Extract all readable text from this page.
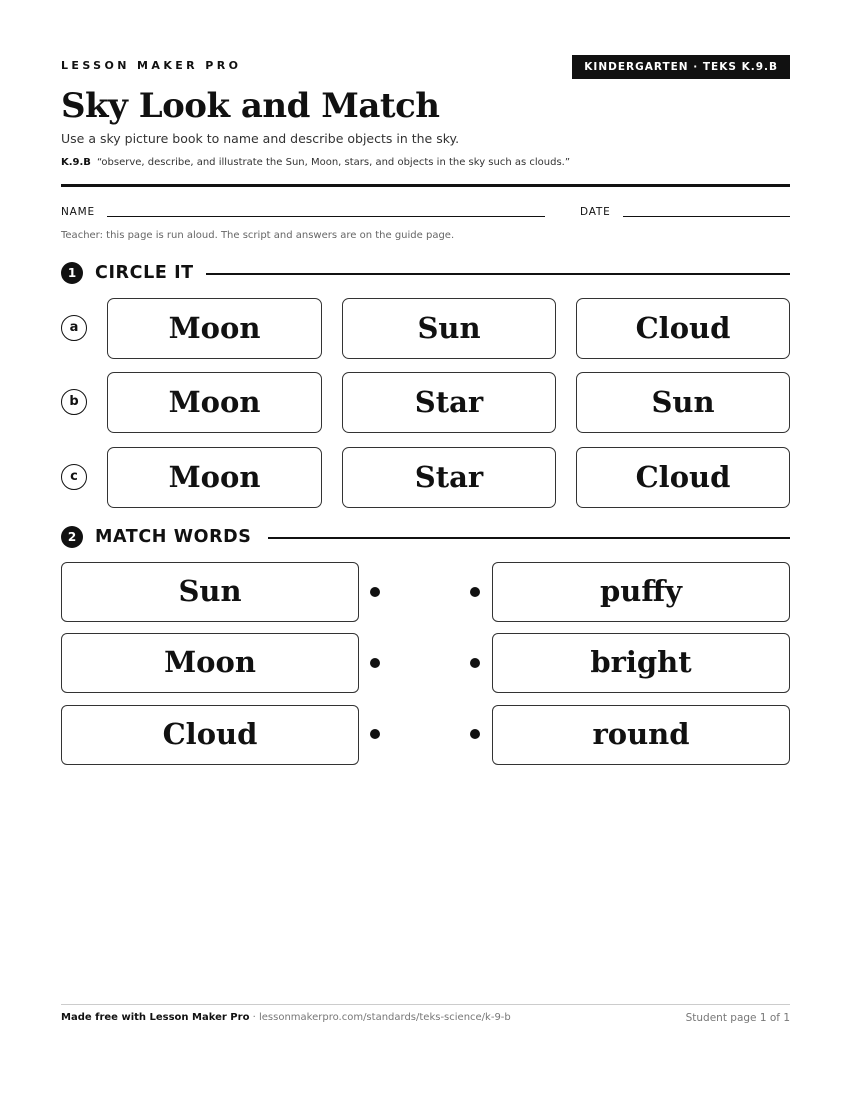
LESSON MAKER PRO	KINDERGARTEN · TEKS K.9.B
Sky Look and Match
Use a sky picture book to name and describe objects in the sky.
K.9.B “observe, describe, and illustrate the Sun, Moon, stars, and objects in the sky such as clouds.”
NAME	DATE
Teacher: this page is run aloud. The script and answers are on the guide page.
1	CIRCLE IT
a	Moon	Sun	Cloud
b	Moon	Star	Sun
c	Moon	Star	Cloud
2	MATCH WORDS
Sun	puffy
Moon	bright
Cloud	round
Made free with Lesson Maker Pro · lessonmakerpro.com/standards/teks-science/k-9-b	Student page 1 of 1
